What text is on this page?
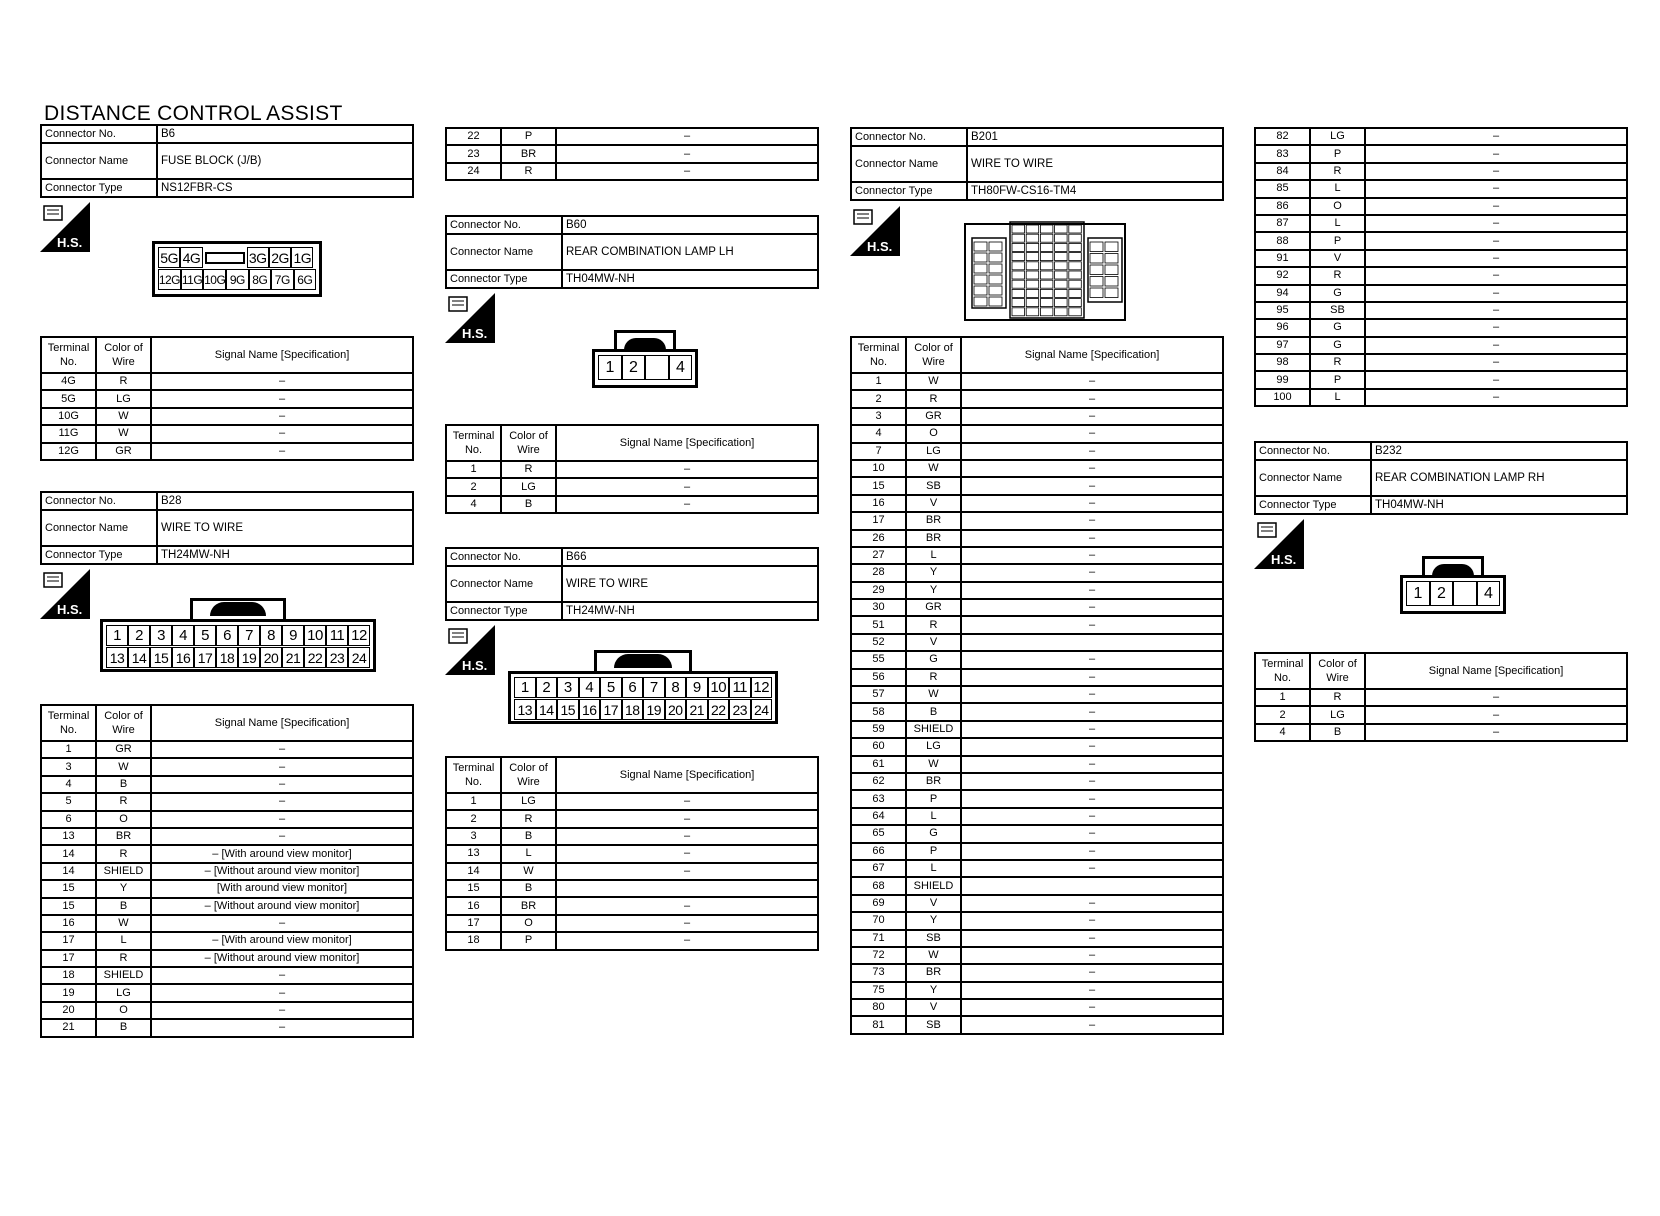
DISTANCE CONTROL ASSIST
Connector No.	B6
Connector Name	FUSE BLOCK (J/B)
Connector Type	NS12FBR-CS
H.S.
5G 4G	3G 2G 1G
12G 11G 10G 9G 8G 7G 6G
Terminal No.	Color of Wire	Signal Name [Specification]
4G	R	–
5G	LG	–
10G	W	–
11G	W	–
12G	GR	–
Connector No.	B28
Connector Name	WIRE TO WIRE
Connector Type	TH24MW-NH
H.S.
1 2 3 4 5 6 7 8 9 10 11 12
13 14 15 16 17 18 19 20 21 22 23 24
Terminal No.	Color of Wire	Signal Name [Specification]
1	GR	–
3	W	–
4	B	–
5	R	–
6	O	–
13	BR	–
14	R	– [With around view monitor]
14	SHIELD	– [Without around view monitor]
15	Y	[With around view monitor]
15	B	– [Without around view monitor]
16	W	–
17	L	– [With around view monitor]
17	R	– [Without around view monitor]
18	SHIELD	–
19	LG	–
20	O	–
21	B	–
22	P	–
23	BR	–
24	R	–
Connector No.	B60
Connector Name	REAR COMBINATION LAMP LH
Connector Type	TH04MW-NH
H.S.
1 2	4
Terminal No.	Color of Wire	Signal Name [Specification]
1	R	–
2	LG	–
4	B	–
Connector No.	B66
Connector Name	WIRE TO WIRE
Connector Type	TH24MW-NH
H.S.
1 2 3 4 5 6 7 8 9 10 11 12
13 14 15 16 17 18 19 20 21 22 23 24
Terminal No.	Color of Wire	Signal Name [Specification]
1	LG	–
2	R	–
3	B	–
13	L	–
14	W	–
15	B	
16	BR	–
17	O	–
18	P	–
Connector No.	B201
Connector Name	WIRE TO WIRE
Connector Type	TH80FW-CS16-TM4
H.S.
Terminal No.	Color of Wire	Signal Name [Specification]
1	W	–
2	R	–
3	GR	–
4	O	–
7	LG	–
10	W	–
15	SB	–
16	V	–
17	BR	–
26	BR	–
27	L	–
28	Y	–
29	Y	–
30	GR	–
51	R	–
52	V	
55	G	–
56	R	–
57	W	–
58	B	–
59	SHIELD	–
60	LG	–
61	W	–
62	BR	–
63	P	–
64	L	–
65	G	–
66	P	–
67	L	–
68	SHIELD	
69	V	–
70	Y	–
71	SB	–
72	W	–
73	BR	–
75	Y	–
80	V	–
81	SB	–
82	LG	–
83	P	–
84	R	–
85	L	–
86	O	–
87	L	–
88	P	–
91	V	–
92	R	–
94	G	–
95	SB	–
96	G	–
97	G	–
98	R	–
99	P	–
100	L	–
Connector No.	B232
Connector Name	REAR COMBINATION LAMP RH
Connector Type	TH04MW-NH
H.S.
1 2	4
Terminal No.	Color of Wire	Signal Name [Specification]
1	R	–
2	LG	–
4	B	–
